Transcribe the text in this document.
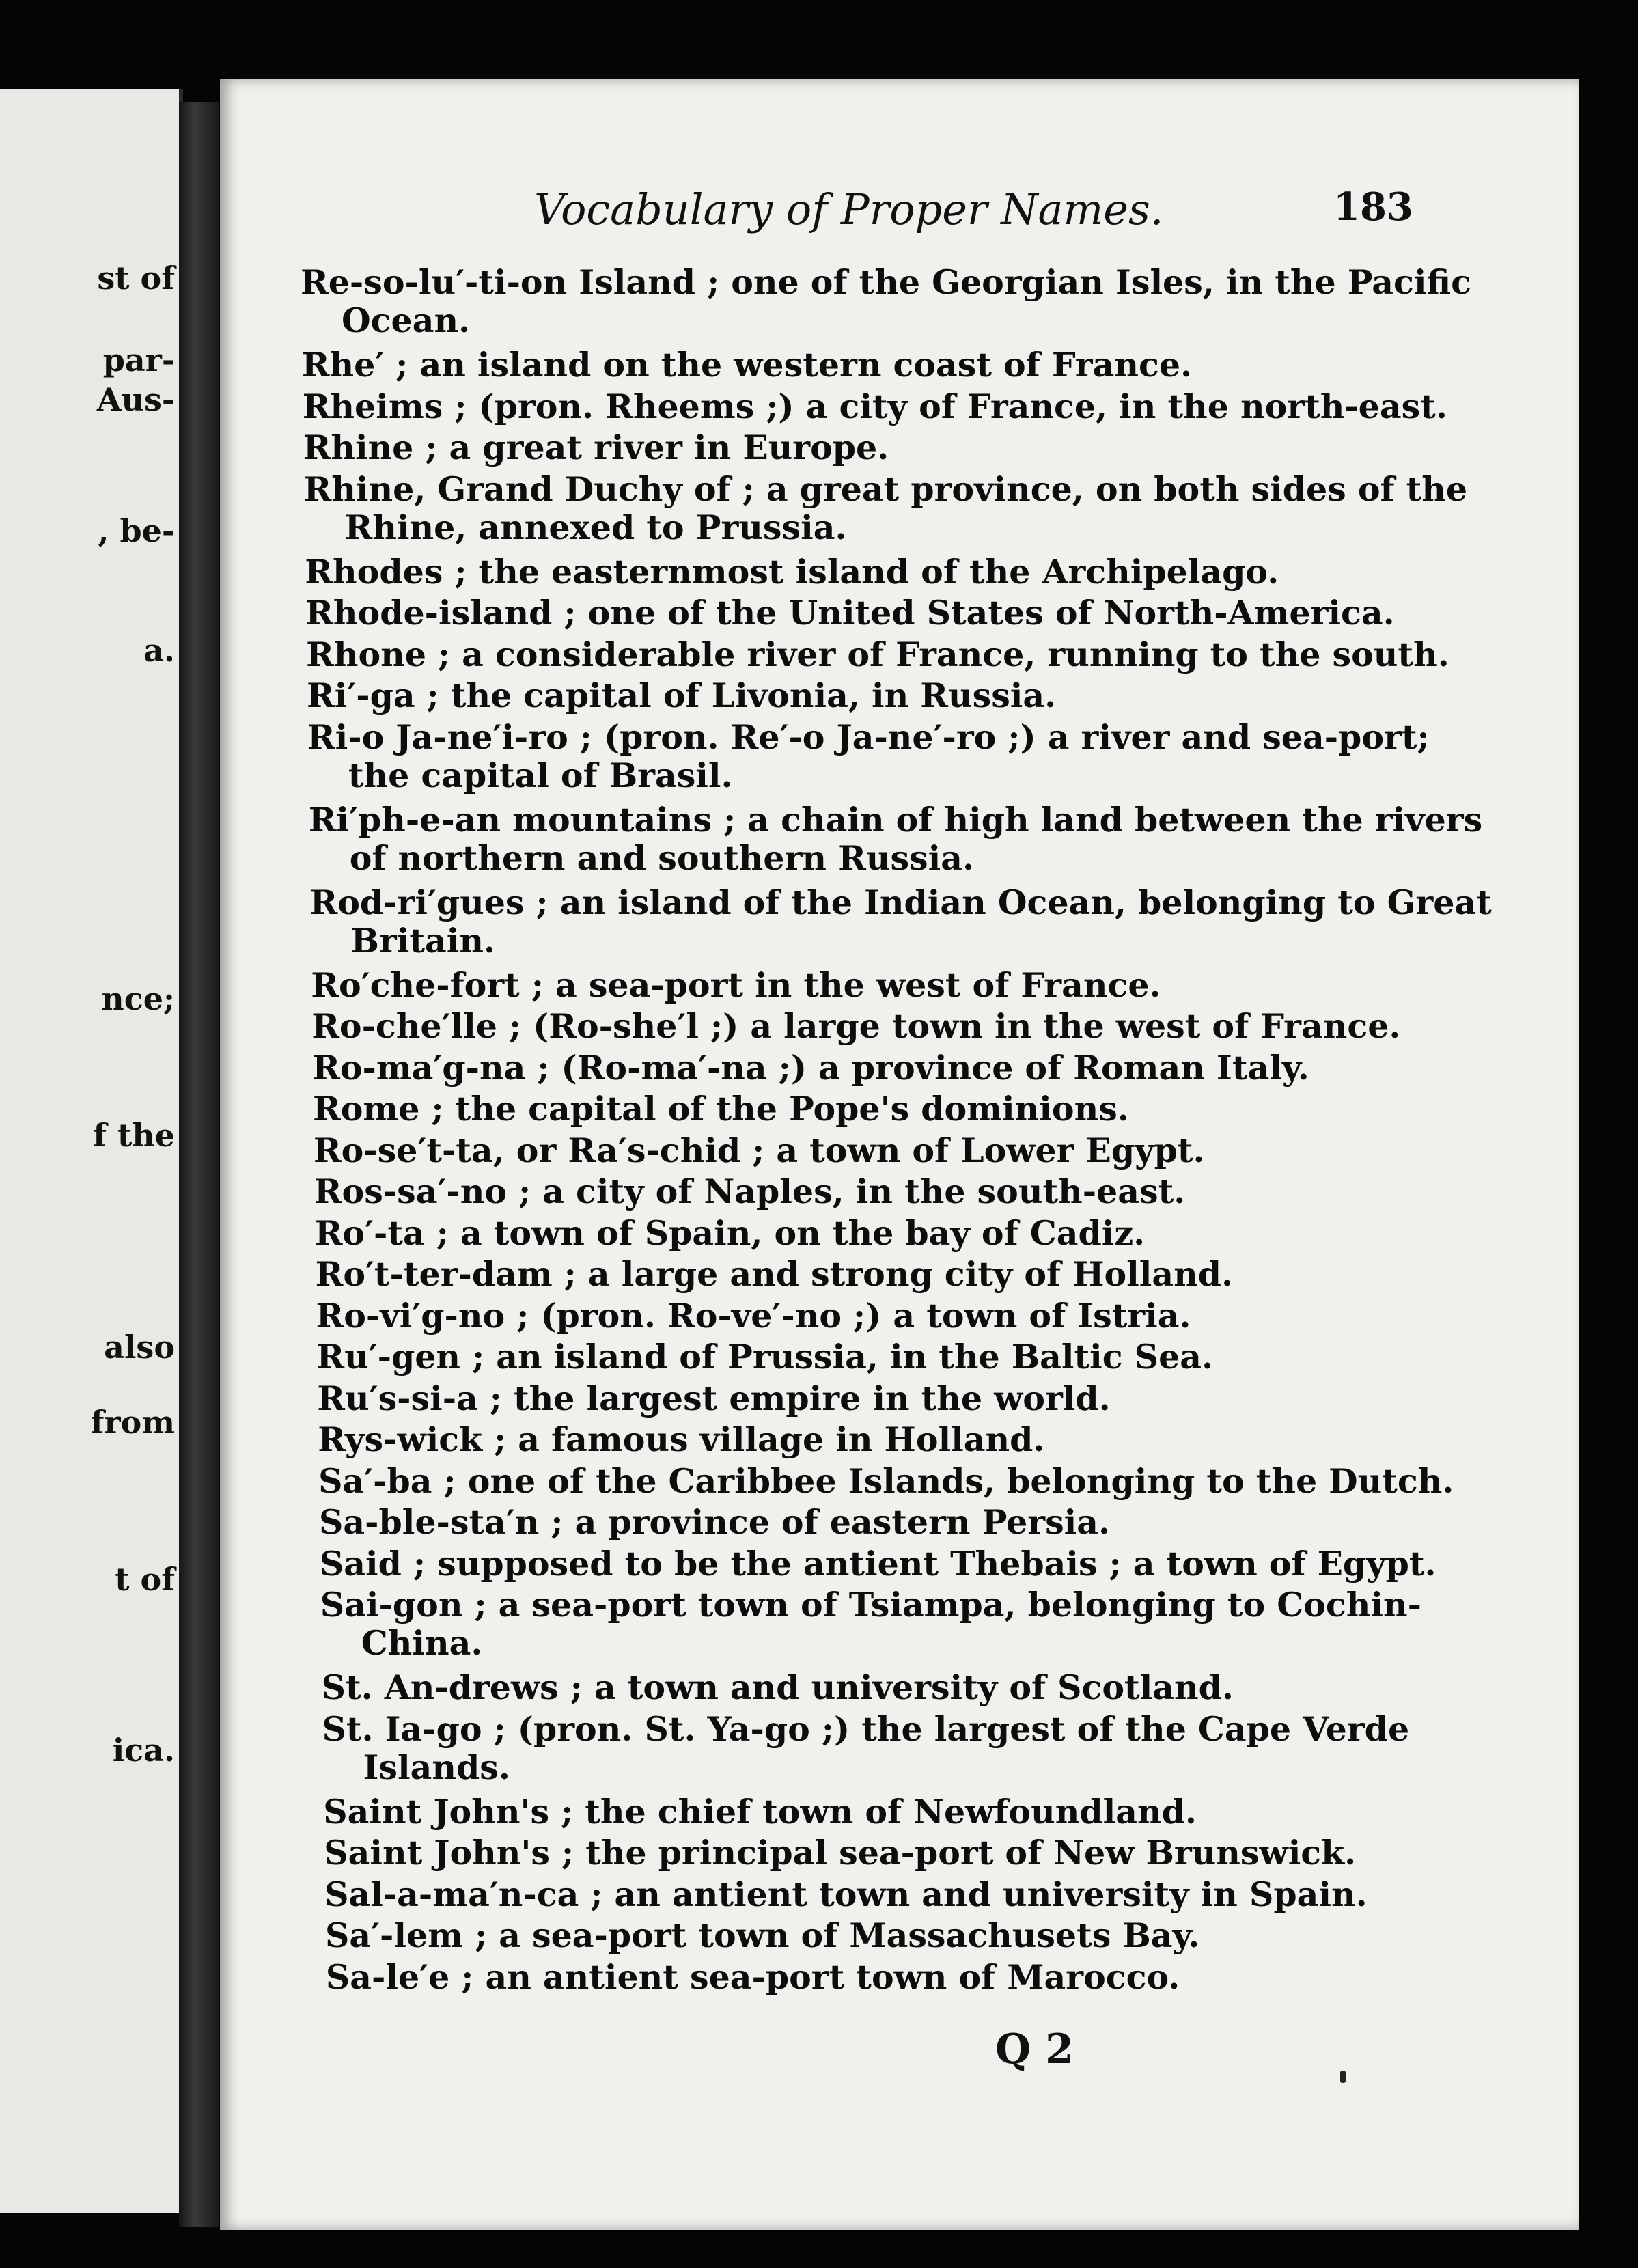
st of
par-
Aus-
, be-
a.
nce;
f the
also
from
t of
ica.
Vocabulary of Proper Names.	183
Re-so-lu′-ti-on Island ; one of the Georgian Isles, in the Pacific
Ocean.
Rhe′ ; an island on the western coast of France.
Rheims ; (pron. Rheems ;) a city of France, in the north-east.
Rhine ; a great river in Europe.
Rhine, Grand Duchy of ; a great province, on both sides of the
Rhine, annexed to Prussia.
Rhodes ; the easternmost island of the Archipelago.
Rhode-island ; one of the United States of North-America.
Rhone ; a considerable river of France, running to the south.
Ri′-ga ; the capital of Livonia, in Russia.
Ri-o Ja-ne′i-ro ; (pron. Re′-o Ja-ne′-ro ;) a river and sea-port;
the capital of Brasil.
Ri′ph-e-an mountains ; a chain of high land between the rivers
of northern and southern Russia.
Rod-ri′gues ; an island of the Indian Ocean, belonging to Great
Britain.
Ro′che-fort ; a sea-port in the west of France.
Ro-che′lle ; (Ro-she′l ;) a large town in the west of France.
Ro-ma′g-na ; (Ro-ma′-na ;) a province of Roman Italy.
Rome ; the capital of the Pope's dominions.
Ro-se′t-ta, or Ra′s-chid ; a town of Lower Egypt.
Ros-sa′-no ; a city of Naples, in the south-east.
Ro′-ta ; a town of Spain, on the bay of Cadiz.
Ro′t-ter-dam ; a large and strong city of Holland.
Ro-vi′g-no ; (pron. Ro-ve′-no ;) a town of Istria.
Ru′-gen ; an island of Prussia, in the Baltic Sea.
Ru′s-si-a ; the largest empire in the world.
Rys-wick ; a famous village in Holland.
Sa′-ba ; one of the Caribbee Islands, belonging to the Dutch.
Sa-ble-sta′n ; a province of eastern Persia.
Said ; supposed to be the antient Thebais ; a town of Egypt.
Sai-gon ; a sea-port town of Tsiampa, belonging to Cochin-
China.
St. An-drews ; a town and university of Scotland.
St. Ia-go ; (pron. St. Ya-go ;) the largest of the Cape Verde
Islands.
Saint John's ; the chief town of Newfoundland.
Saint John's ; the principal sea-port of New Brunswick.
Sal-a-ma′n-ca ; an antient town and university in Spain.
Sa′-lem ; a sea-port town of Massachusets Bay.
Sa-le′e ; an antient sea-port town of Marocco.
Q 2
